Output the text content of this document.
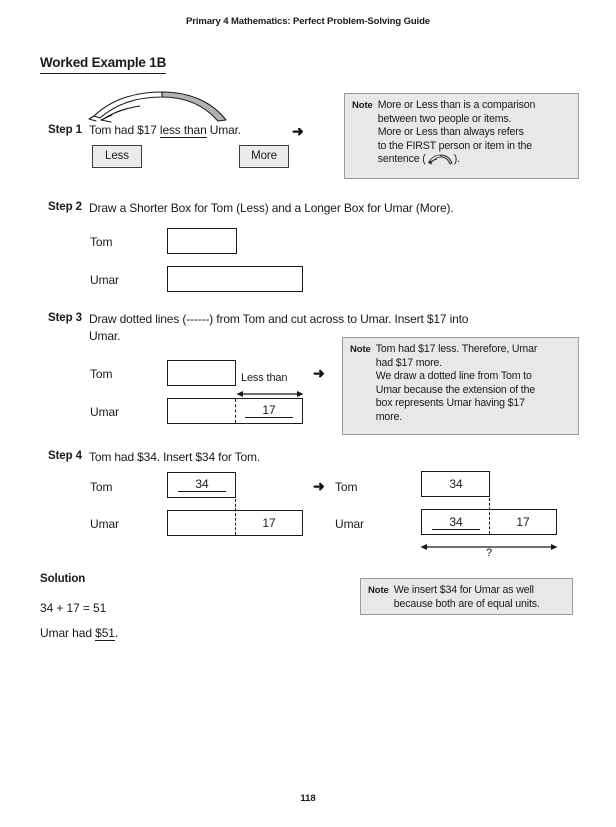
Primary 4 Mathematics: Perfect Problem-Solving Guide
Worked Example 1B
Step 1 Tom had $17 less than Umar.	➜
Less	More
Note More or Less than is a comparison
between two people or items.
More or Less than always refers
to the FIRST person or item in the
sentence (	).
Step 2 Draw a Shorter Box for Tom (Less) and a Longer Box for Umar (More).
Tom
Umar
Step 3 Draw dotted lines (------) from Tom and cut across to Umar. Insert $17 into
Umar.
Tom
Umar	17
Less than ➜
Note Tom had $17 less. Therefore, Umar
had $17 more.
We draw a dotted line from Tom to
Umar because the extension of the
box represents Umar having $17
more.
Step 4 Tom had $34. Insert $34 for Tom.
Tom	34
Umar	17
➜ Tom	34
Umar	34	17
?
Solution
34 + 17 = 51
Umar had $51.
Note We insert $34 for Umar as well
because both are of equal units.
118
